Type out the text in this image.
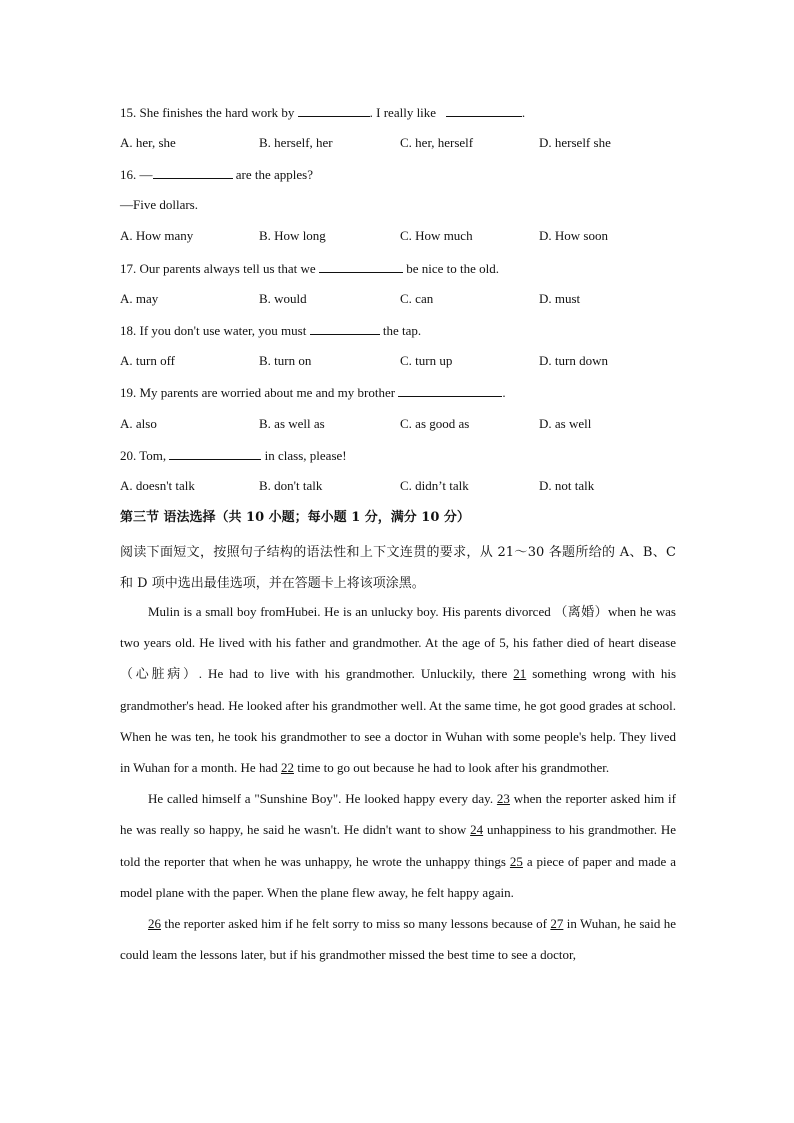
15. She finishes the hard work by	. I really like	.
A. her, she	B. herself, her	C. her, herself	D. herself she
16. —	are the apples?
—Five dollars.
A. How many	B. How long	C. How much	D. How soon
17. Our parents always tell us that we	be nice to the old.
A. may	B. would	C. can	D. must
18. If you don't use water, you must	the tap.
A. turn off	B. turn on	C. turn up	D. turn down
19. My parents are worried about me and my brother	.
A. also	B. as well as	C. as good as	D. as well
20. Tom,	in class, please!
A. doesn't talk	B. don't talk	C. didn’t talk	D. not talk
第三节 语法选择（共 10 小题；每小题 1 分，满分 10 分）
阅读下面短文，按照句子结构的语法性和上下文连贯的要求，从 21～30 各题所给的 A、B、C 和 D 项中选出最佳选项，并在答题卡上将该项涂黑。

Mulin is a small boy fromHubei. He is an unlucky boy. His parents divorced （离婚）when he was two years old. He lived with his father and grandmother. At the age of 5, his father died of heart disease （心脏病）. He had to live with his grandmother. Unluckily, there 21 something wrong with his grandmother's head. He looked after his grandmother well. At the same time, he got good grades at school. When he was ten, he took his grandmother to see a doctor in Wuhan with some people's help. They lived in Wuhan for a month. He had 22 time to go out because he had to look after his grandmother.

He called himself a "Sunshine Boy". He looked happy every day. 23 when the reporter asked him if he was really so happy, he said he wasn't. He didn't want to show 24 unhappiness to his grandmother. He told the reporter that when he was unhappy, he wrote the unhappy things 25 a piece of paper and made a model plane with the paper. When the plane flew away, he felt happy again.

26 the reporter asked him if he felt sorry to miss so many lessons because of 27 in Wuhan, he said he could leam the lessons later, but if his grandmother missed the best time to see a doctor,
